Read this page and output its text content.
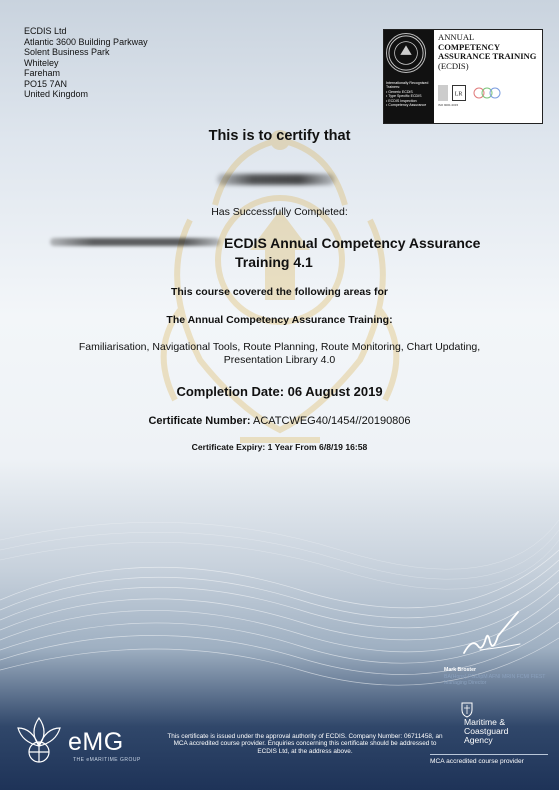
ECDIS Ltd
Atlantic 3600 Building Parkway
Solent Business Park
Whiteley
Fareham
PO15 7AN
United Kingdom
Internationally Recognised
Trainers:
• Generic ECDIS
• Type Specific ECDIS
• ECDIS Inspection
• Competency Assurance
ANNUAL
COMPETENCY
ASSURANCE TRAINING
(ECDIS)
LR
ISO 9001:2015
This is to certify that
Has Successfully Completed:
ECDIS Annual Competency Assurance
Training 4.1
This course covered the following areas for
The Annual Competency Assurance Training:
Familiarisation, Navigational Tools, Route Planning, Route Monitoring, Chart Updating, Presentation Library 4.0
Completion Date: 06 August 2019
Certificate Number: ACATCWEG40/1454//20190806
Certificate Expiry: 1 Year From 6/8/19 16:58
Mark Broster
BA(Hons) PGDipM AFNI MRIN FCMI FIEST
Managing Director
eMG
THE eMARITIME GROUP
This certificate is issued under the approval authority of ECDIS. Company Number: 06711458, an MCA accredited course provider. Enquiries concerning this certificate should be addressed to ECDIS Ltd, at the address above.
Maritime &
Coastguard
Agency
MCA accredited course provider
